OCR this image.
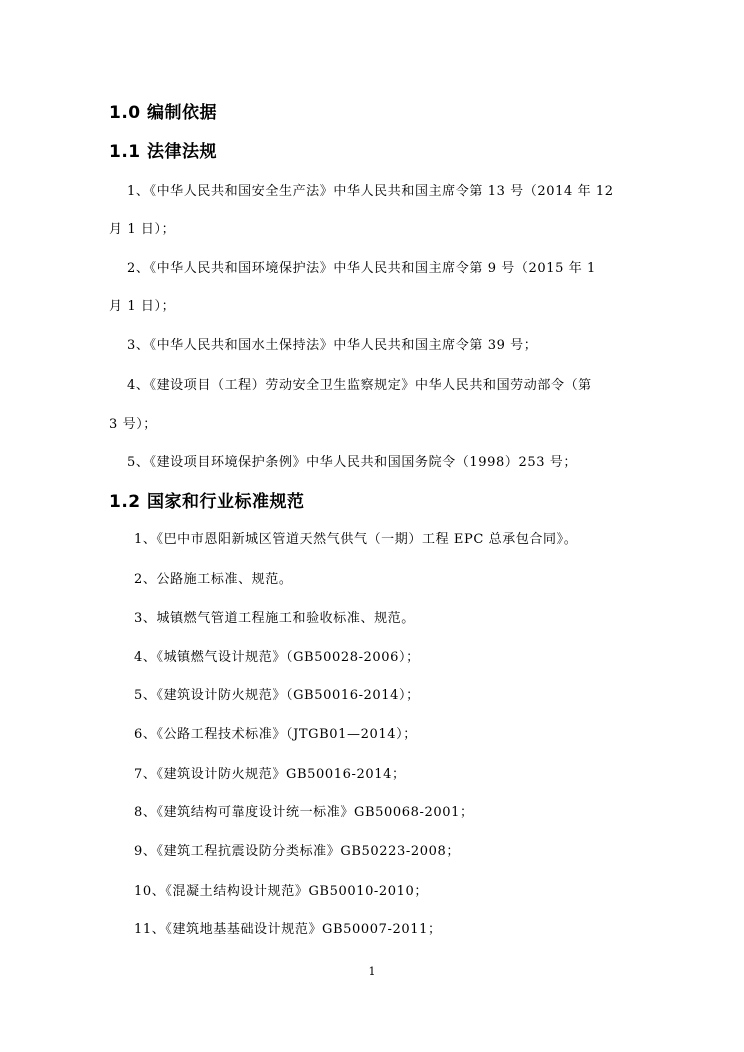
1.0 编制依据
1.1 法律法规
1、《中华人民共和国安全生产法》中华人民共和国主席令第 13 号（2014 年 12
月 1 日）；
2、《中华人民共和国环境保护法》中华人民共和国主席令第 9 号（2015 年 1
月 1 日）；
3、《中华人民共和国水土保持法》中华人民共和国主席令第 39 号；
4、《建设项目（工程）劳动安全卫生监察规定》中华人民共和国劳动部令（第
3 号）；
5、《建设项目环境保护条例》中华人民共和国国务院令（1998）253 号；
1.2 国家和行业标准规范
1、《巴中市恩阳新城区管道天然气供气（一期）工程 EPC 总承包合同》。
2、公路施工标准、规范。
3、城镇燃气管道工程施工和验收标准、规范。
4、《城镇燃气设计规范》（GB50028-2006）；
5、《建筑设计防火规范》（GB50016-2014）；
6、《公路工程技术标准》（JTGB01—2014）；
7、《建筑设计防火规范》GB50016-2014；
8、《建筑结构可靠度设计统一标准》GB50068-2001；
9、《建筑工程抗震设防分类标准》GB50223-2008；
10、《混凝土结构设计规范》GB50010-2010；
11、《建筑地基基础设计规范》GB50007-2011；
1
